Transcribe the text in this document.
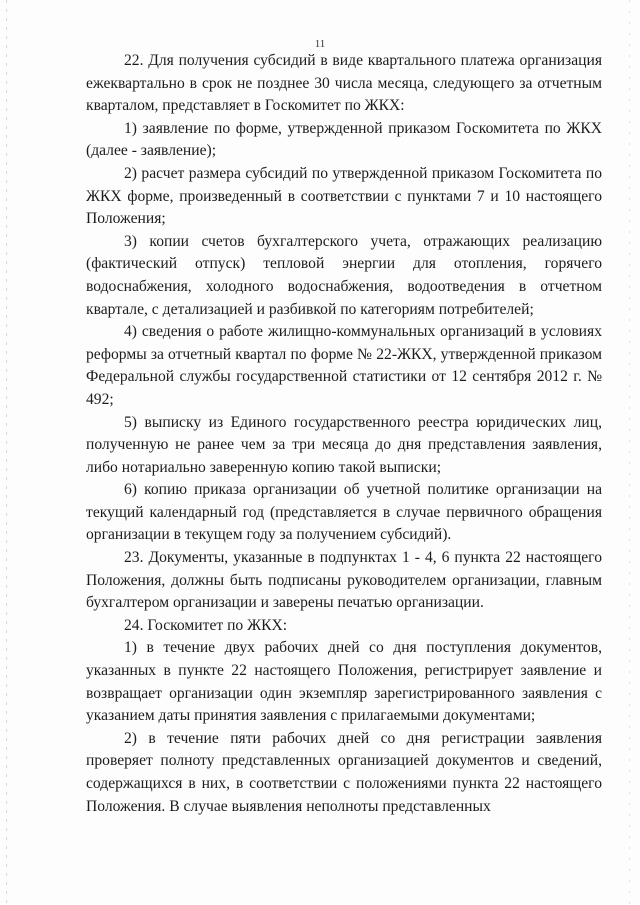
11

22. Для получения субсидий в виде квартального платежа организация ежеквартально в срок не позднее 30 числа месяца, следующего за отчетным кварталом, представляет в Госкомитет по ЖКХ:

1) заявление по форме, утвержденной приказом Госкомитета по ЖКХ (далее - заявление);

2) расчет размера субсидий по утвержденной приказом Госкомитета по ЖКХ форме, произведенный в соответствии с пунктами 7 и 10 настоящего Положения;

3) копии счетов бухгалтерского учета, отражающих реализацию (фактический отпуск) тепловой энергии для отопления, горячего водоснабжения, холодного водоснабжения, водоотведения в отчетном квартале, с детализацией и разбивкой по категориям потребителей;

4) сведения о работе жилищно-коммунальных организаций в условиях реформы за отчетный квартал по форме № 22-ЖКХ, утвержденной приказом Федеральной службы государственной статистики от 12 сентября 2012 г. № 492;

5) выписку из Единого государственного реестра юридических лиц, полученную не ранее чем за три месяца до дня представления заявления, либо нотариально заверенную копию такой выписки;

6) копию приказа организации об учетной политике организации на текущий календарный год (представляется в случае первичного обращения организации в текущем году за получением субсидий).

23. Документы, указанные в подпунктах 1 - 4, 6 пункта 22 настоящего Положения, должны быть подписаны руководителем организации, главным бухгалтером организации и заверены печатью организации.

24. Госкомитет по ЖКХ:

1) в течение двух рабочих дней со дня поступления документов, указанных в пункте 22 настоящего Положения, регистрирует заявление и возвращает организации один экземпляр зарегистрированного заявления с указанием даты принятия заявления с прилагаемыми документами;

2) в течение пяти рабочих дней со дня регистрации заявления проверяет полноту представленных организацией документов и сведений, содержащихся в них, в соответствии с положениями пункта 22 настоящего Положения. В случае выявления неполноты представленных
